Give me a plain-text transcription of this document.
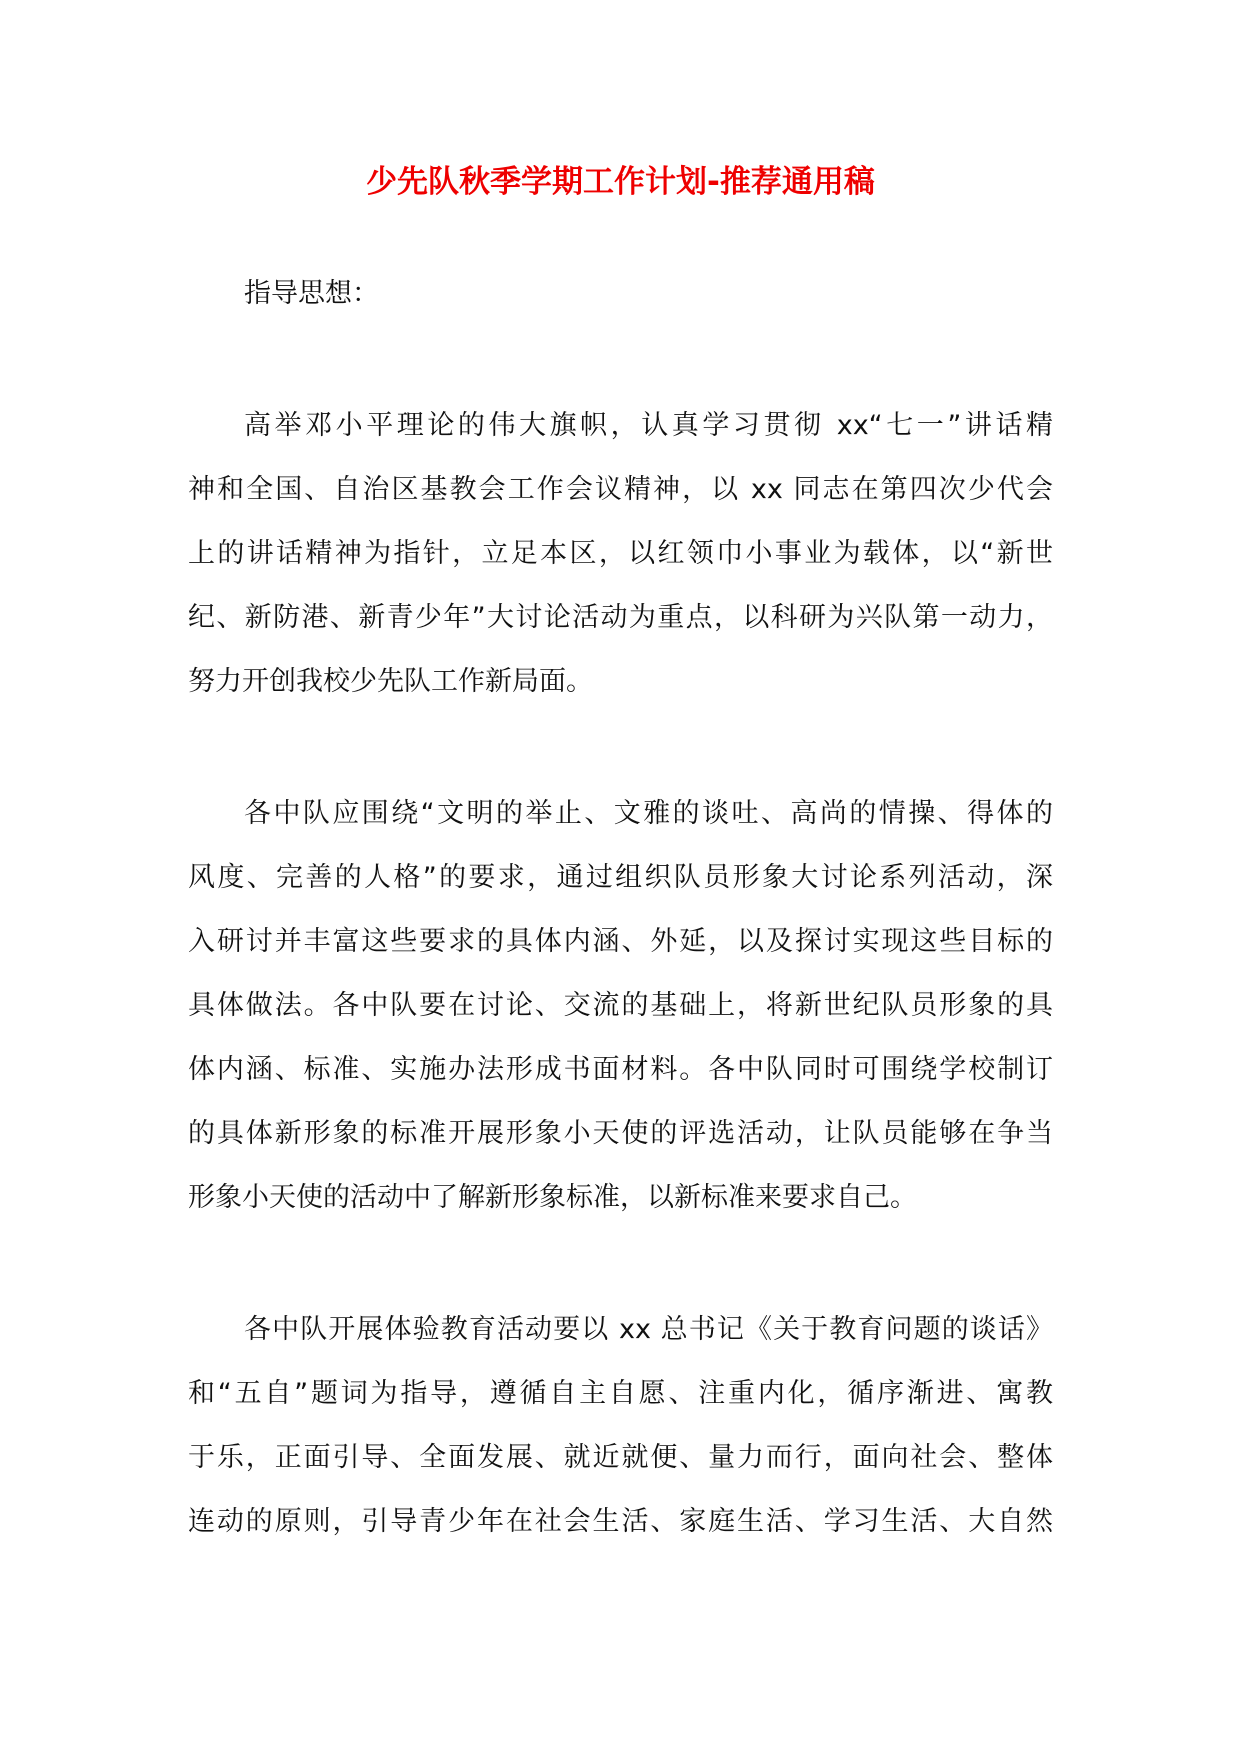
少先队秋季学期工作计划-推荐通用稿

指导思想：

高举邓小平理论的伟大旗帜，认真学习贯彻 xx“七一”讲话精
神和全国、自治区基教会工作会议精神，以 xx 同志在第四次少代会
上的讲话精神为指针，立足本区，以红领巾小事业为载体，以“新世
纪、新防港、新青少年”大讨论活动为重点，以科研为兴队第一动力，
努力开创我校少先队工作新局面。
各中队应围绕“文明的举止、文雅的谈吐、高尚的情操、得体的
风度、完善的人格”的要求，通过组织队员形象大讨论系列活动，深
入研讨并丰富这些要求的具体内涵、外延，以及探讨实现这些目标的
具体做法。各中队要在讨论、交流的基础上，将新世纪队员形象的具
体内涵、标准、实施办法形成书面材料。各中队同时可围绕学校制订
的具体新形象的标准开展形象小天使的评选活动，让队员能够在争当
形象小天使的活动中了解新形象标准，以新标准来要求自己。
各中队开展体验教育活动要以 xx 总书记《关于教育问题的谈话》
和“五自”题词为指导，遵循自主自愿、注重内化，循序渐进、寓教
于乐，正面引导、全面发展、就近就便、量力而行，面向社会、整体
连动的原则，引导青少年在社会生活、家庭生活、学习生活、大自然
